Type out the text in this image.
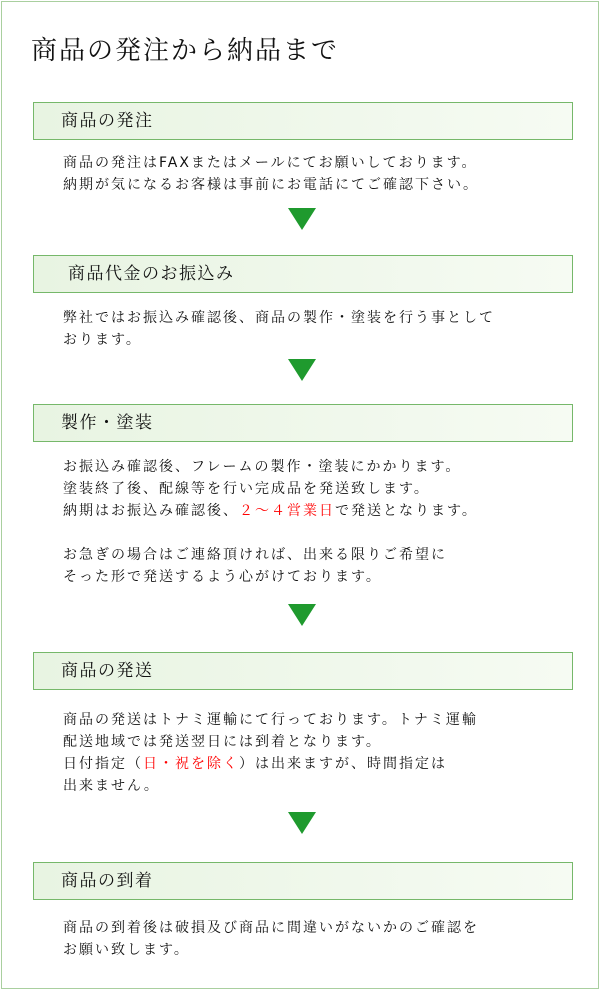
商品の発注から納品まで
商品の発注
商品の発注はFAXまたはメールにてお願いしております。
納期が気になるお客様は事前にお電話にてご確認下さい。
商品代金のお振込み
弊社ではお振込み確認後、商品の製作・塗装を行う事として
おります。
製作・塗装
お振込み確認後、フレームの製作・塗装にかかります。
塗装終了後、配線等を行い完成品を発送致します。
納期はお振込み確認後、２～４営業日で発送となります。
お急ぎの場合はご連絡頂ければ、出来る限りご希望に
そった形で発送するよう心がけております。
商品の発送
商品の発送はトナミ運輸にて行っております。トナミ運輸
配送地域では発送翌日には到着となります。
日付指定（日・祝を除く）は出来ますが、時間指定は
出来ません。
商品の到着
商品の到着後は破損及び商品に間違いがないかのご確認を
お願い致します。
